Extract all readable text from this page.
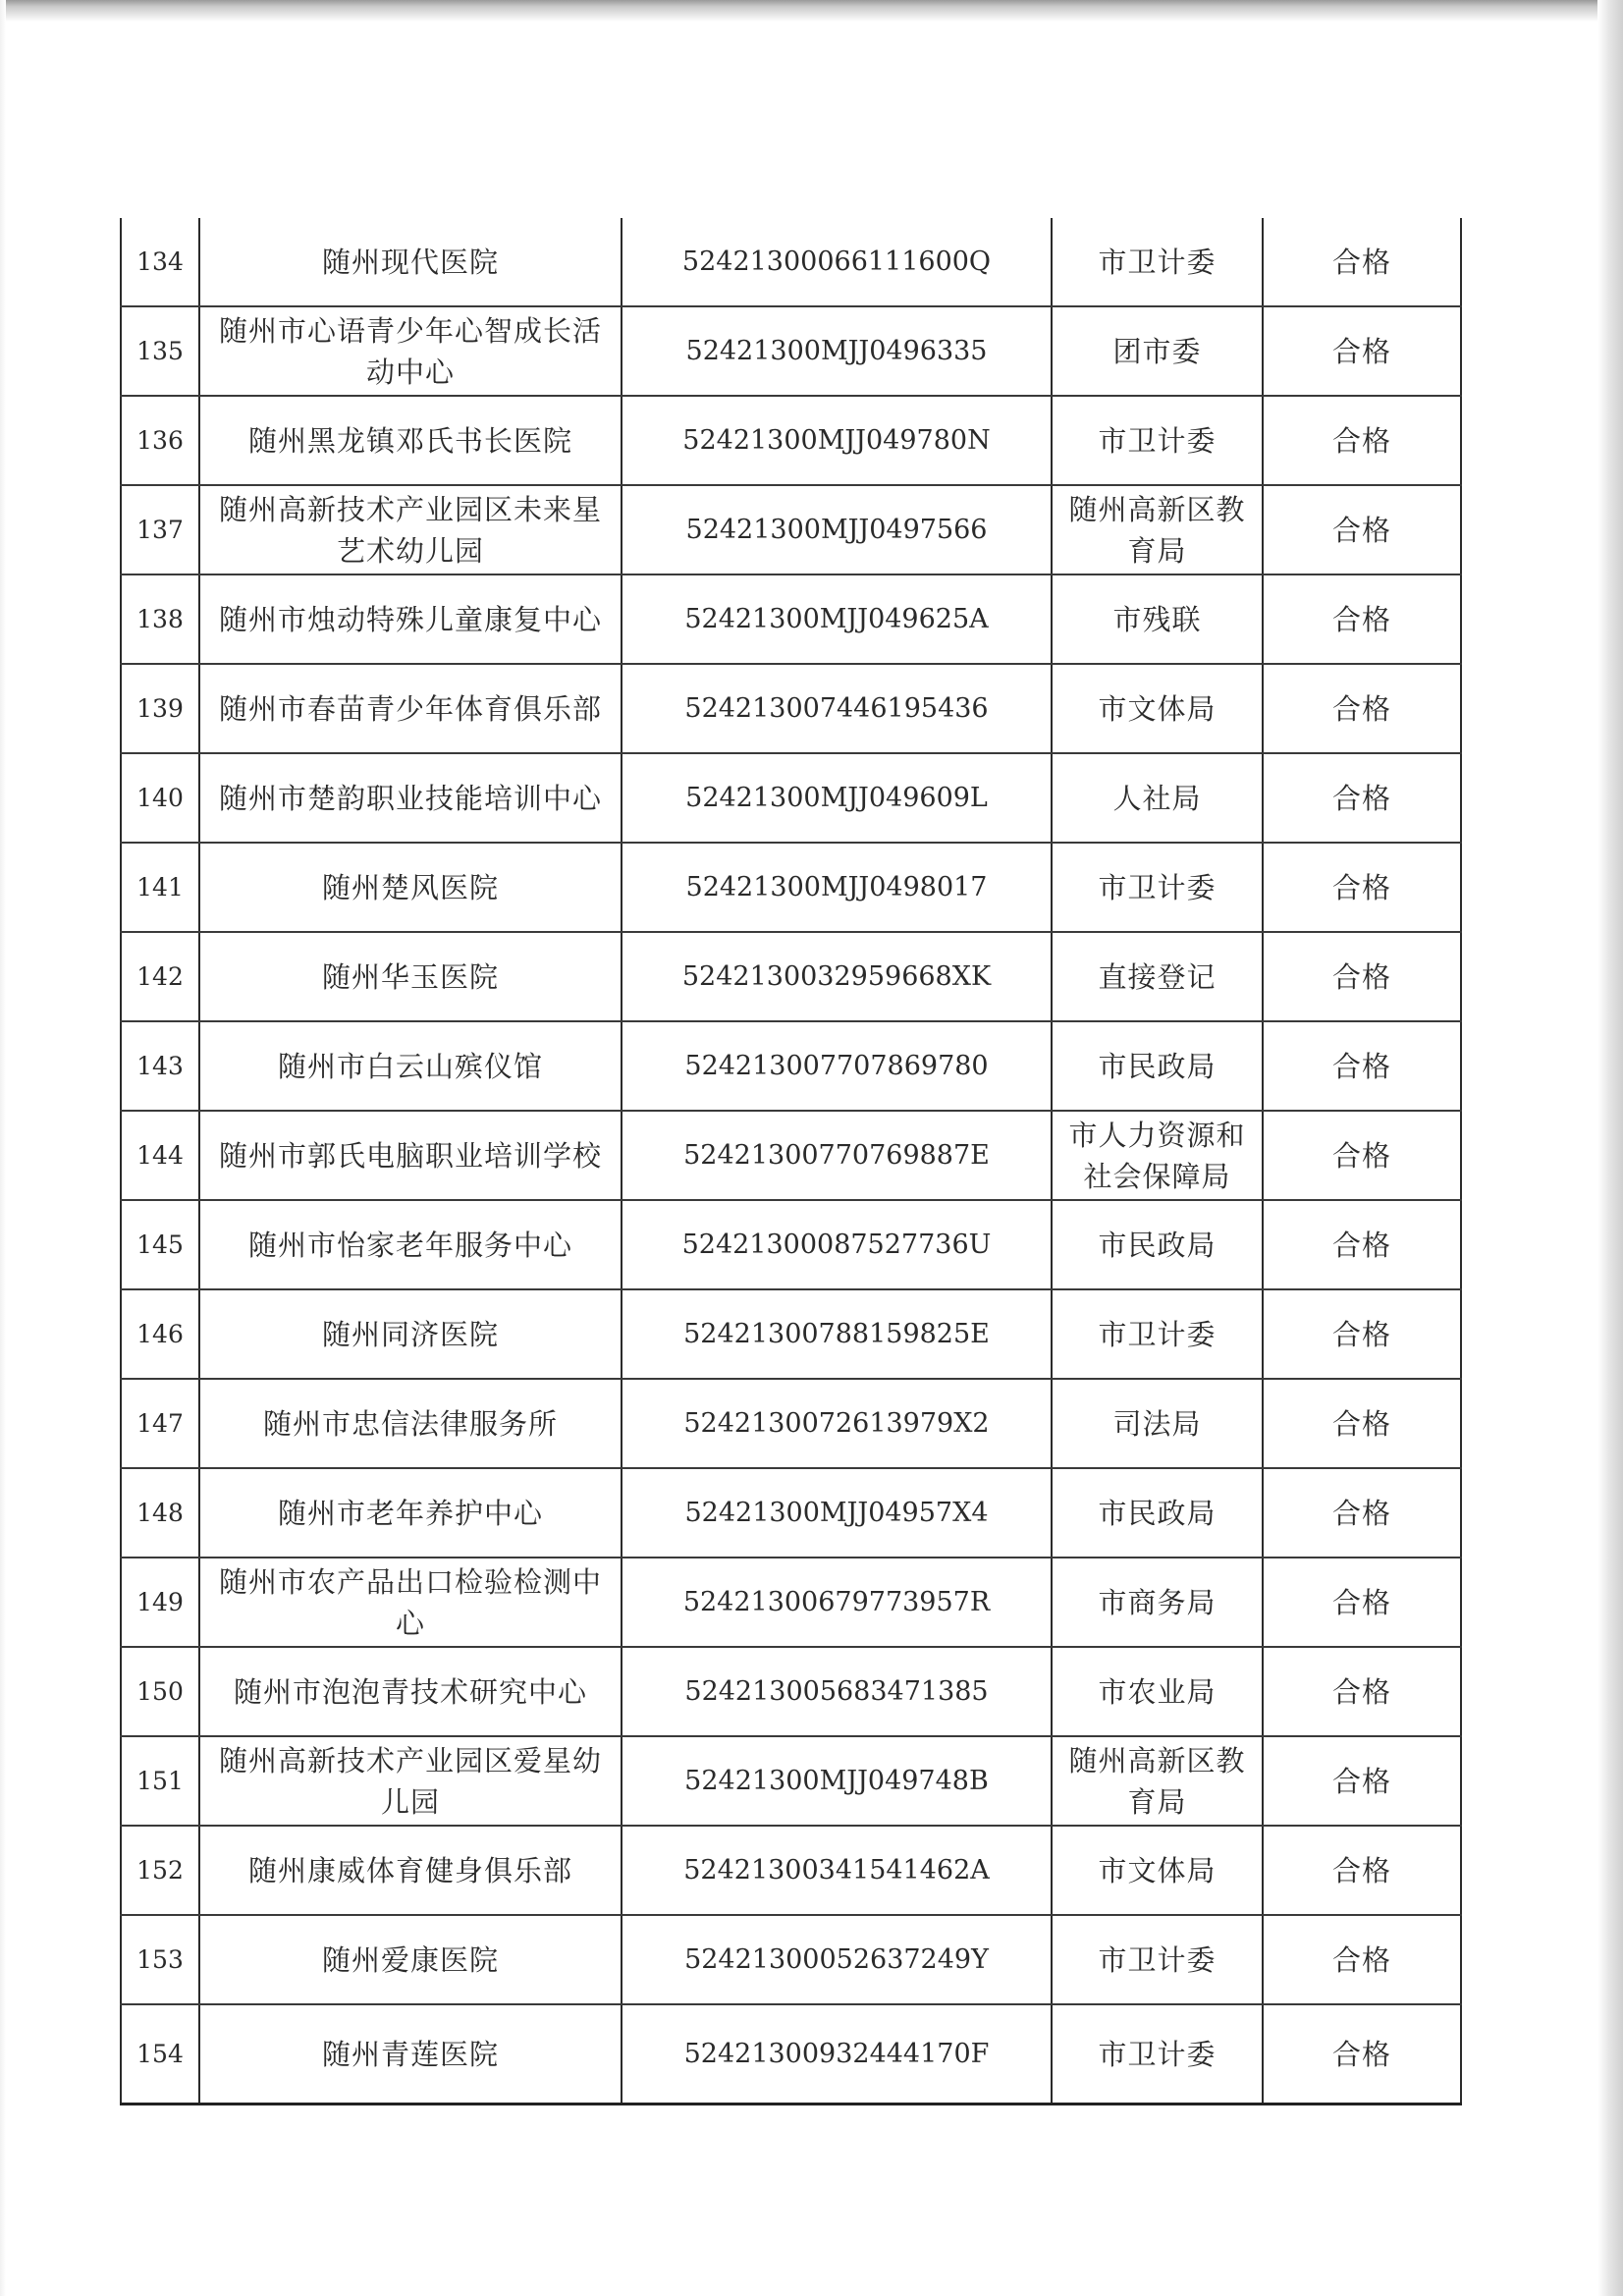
134	随州现代医院	52421300066111600Q	市卫计委	合格
135	随州市心语青少年心智成长活动中心	52421300MJJ0496335	团市委	合格
136	随州黑龙镇邓氏书长医院	52421300MJJ049780N	市卫计委	合格
137	随州高新技术产业园区未来星艺术幼儿园	52421300MJJ0497566	随州高新区教育局	合格
138	随州市烛动特殊儿童康复中心	52421300MJJ049625A	市残联	合格
139	随州市春苗青少年体育俱乐部	524213007446195436	市文体局	合格
140	随州市楚韵职业技能培训中心	52421300MJJ049609L	人社局	合格
141	随州楚风医院	52421300MJJ0498017	市卫计委	合格
142	随州华玉医院	5242130032959668XK	直接登记	合格
143	随州市白云山殡仪馆	524213007707869780	市民政局	合格
144	随州市郭氏电脑职业培训学校	52421300770769887E	市人力资源和社会保障局	合格
145	随州市怡家老年服务中心	52421300087527736U	市民政局	合格
146	随州同济医院	52421300788159825E	市卫计委	合格
147	随州市忠信法律服务所	5242130072613979X2	司法局	合格
148	随州市老年养护中心	52421300MJJ04957X4	市民政局	合格
149	随州市农产品出口检验检测中心	52421300679773957R	市商务局	合格
150	随州市泡泡青技术研究中心	524213005683471385	市农业局	合格
151	随州高新技术产业园区爱星幼儿园	52421300MJJ049748B	随州高新区教育局	合格
152	随州康威体育健身俱乐部	52421300341541462A	市文体局	合格
153	随州爱康医院	52421300052637249Y	市卫计委	合格
154	随州青莲医院	52421300932444170F	市卫计委	合格
